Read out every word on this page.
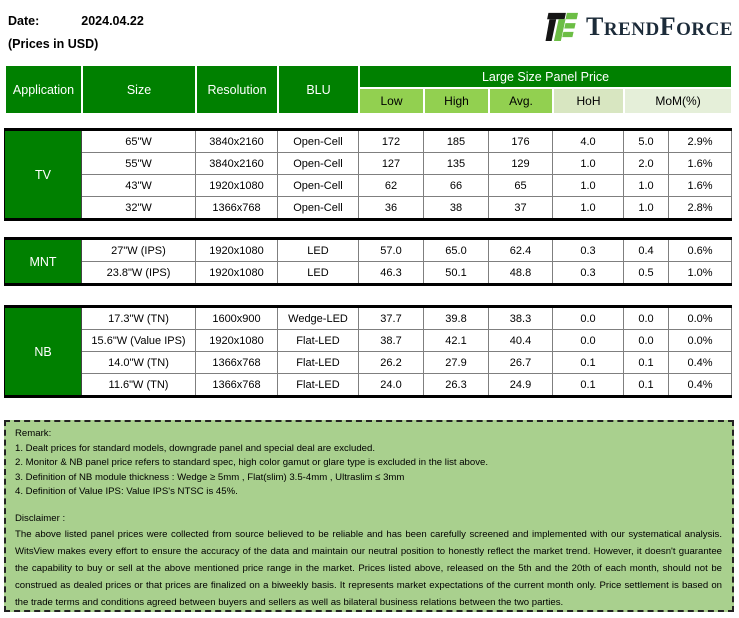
Date:	2024.04.22
(Prices in USD)
TRENDFORCE
Application	Size	Resolution	BLU	Large Size Panel Price				
				Low	High	Avg.	HoH	MoM(%)
TV	65"W	3840x2160	Open-Cell	172	185	176	4.0	5.0	2.9%
	55"W	3840x2160	Open-Cell	127	135	129	1.0	2.0	1.6%
	43"W	1920x1080	Open-Cell	62	66	65	1.0	1.0	1.6%
	32"W	1366x768	Open-Cell	36	38	37	1.0	1.0	2.8%
MNT	27"W (IPS)	1920x1080	LED	57.0	65.0	62.4	0.3	0.4	0.6%
	23.8"W (IPS)	1920x1080	LED	46.3	50.1	48.8	0.3	0.5	1.0%
NB	17.3"W (TN)	1600x900	Wedge-LED	37.7	39.8	38.3	0.0	0.0	0.0%
	15.6"W (Value IPS)	1920x1080	Flat-LED	38.7	42.1	40.4	0.0	0.0	0.0%
	14.0"W (TN)	1366x768	Flat-LED	26.2	27.9	26.7	0.1	0.1	0.4%
	11.6"W (TN)	1366x768	Flat-LED	24.0	26.3	24.9	0.1	0.1	0.4%
Remark:
1. Dealt prices for standard models, downgrade panel and special deal are excluded.
2. Monitor & NB panel price refers to standard spec, high color gamut or glare type is excluded in the list above.
3. Definition of NB module thickness : Wedge ≥ 5mm , Flat(slim) 3.5-4mm , Ultraslim ≤ 3mm
4. Definition of Value IPS: Value IPS's NTSC is 45%.
Disclaimer :
The above listed panel prices were collected from source believed to be reliable and has been carefully screened and implemented with our systematical analysis. WitsView makes every effort to ensure the accuracy of the data and maintain our neutral position to honestly reflect the market trend. However, it doesn't guarantee the capability to buy or sell at the above mentioned price range in the market. Prices listed above, released on the 5th and the 20th of each month, should not be construed as dealed prices or that prices are finalized on a biweekly basis. It represents market expectations of the current month only. Price settlement is based on the trade terms and conditions agreed between buyers and sellers as well as bilateral business relations between the two parties.
